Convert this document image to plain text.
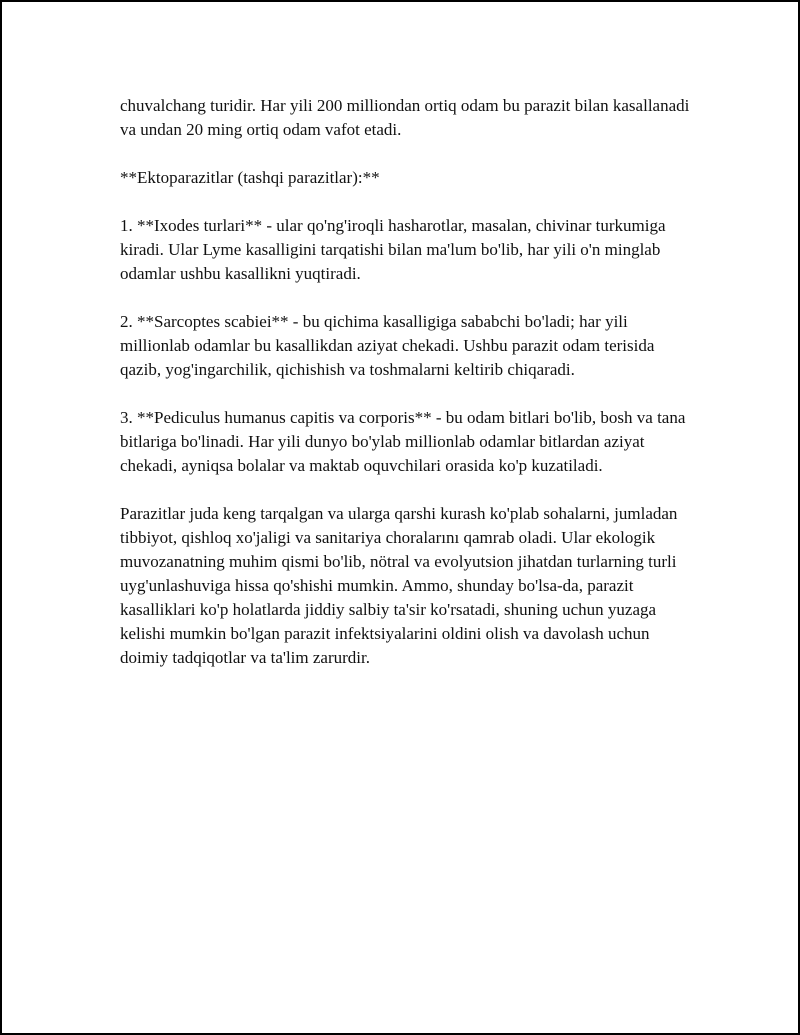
chuvalchang turidir. Har yili 200 milliondan ortiq odam bu parazit bilan kasallanadi va undan 20 ming ortiq odam vafot etadi.

**Ektoparazitlar (tashqi parazitlar):**

1. **Ixodes turlari** - ular qo'ng'iroqli hasharotlar, masalan, chivinar turkumiga kiradi. Ular Lyme kasalligini tarqatishi bilan ma'lum bo'lib, har yili o'n minglab odamlar ushbu kasallikni yuqtiradi.

2. **Sarcoptes scabiei** - bu qichima kasalligiga sababchi bo'ladi; har yili millionlab odamlar bu kasallikdan aziyat chekadi. Ushbu parazit odam terisida qazib, yog'ingarchilik, qichishish va toshmalarni keltirib chiqaradi.

3. **Pediculus humanus capitis va corporis** - bu odam bitlari bo'lib, bosh va tana bitlariga bo'linadi. Har yili dunyo bo'ylab millionlab odamlar bitlardan aziyat chekadi, ayniqsa bolalar va maktab oquvchilari orasida ko'p kuzatiladi.

Parazitlar juda keng tarqalgan va ularga qarshi kurash ko'plab sohalarni, jumladan tibbiyot, qishloq xo'jaligi va sanitariya choralarını qamrab oladi. Ular ekologik muvozanatning muhim qismi bo'lib, nötral va evolyutsion jihatdan turlarning turli uyg'unlashuviga hissa qo'shishi mumkin. Ammo, shunday bo'lsa-da, parazit kasalliklari ko'p holatlarda jiddiy salbiy ta'sir ko'rsatadi, shuning uchun yuzaga kelishi mumkin bo'lgan parazit infektsiyalarini oldini olish va davolash uchun doimiy tadqiqotlar va ta'lim zarurdir.
